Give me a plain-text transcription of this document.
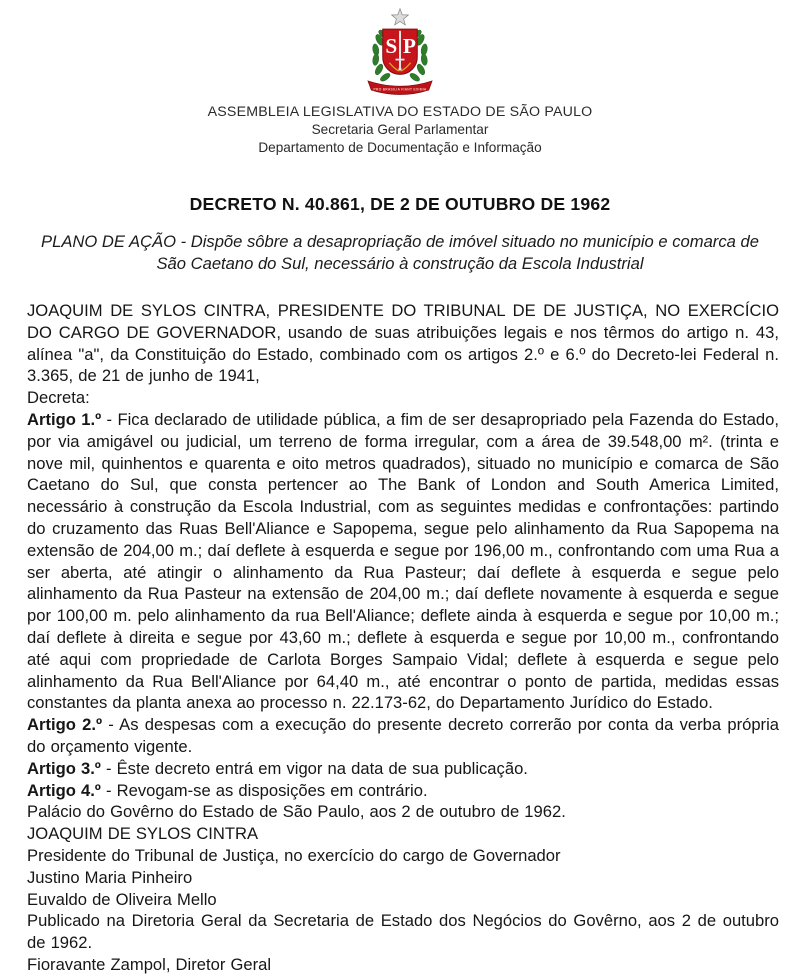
S P
PRO BRASILIA FIANT EXIMIA
ASSEMBLEIA LEGISLATIVA DO ESTADO DE SÃO PAULO
Secretaria Geral Parlamentar
Departamento de Documentação e Informação
DECRETO N. 40.861, DE 2 DE OUTUBRO DE 1962

PLANO DE AÇÃO - Dispõe sôbre a desapropriação de imóvel situado no município e comarca de São Caetano do Sul, necessário à construção da Escola Industrial

JOAQUIM DE SYLOS CINTRA, PRESIDENTE DO TRIBUNAL DE DE JUSTIÇA, NO EXERCÍCIO DO CARGO DE GOVERNADOR, usando de suas atribuições legais e nos têrmos do artigo n. 43, alínea "a", da Constituição do Estado, combinado com os artigos 2.º e 6.º do Decreto-lei Federal n. 3.365, de 21 de junho de 1941,

Decreta:

Artigo 1.º - Fica declarado de utilidade pública, a fim de ser desapropriado pela Fazenda do Estado, por via amigável ou judicial, um terreno de forma irregular, com a área de 39.548,00 m². (trinta e nove mil, quinhentos e quarenta e oito metros quadrados), situado no município e comarca de São Caetano do Sul, que consta pertencer ao The Bank of London and South America Limited, necessário à construção da Escola Industrial, com as seguintes medidas e confrontações: partindo do cruzamento das Ruas Bell'Aliance e Sapopema, segue pelo alinhamento da Rua Sapopema na extensão de 204,00 m.; daí deflete à esquerda e segue por 196,00 m., confrontando com uma Rua a ser aberta, até atingir o alinhamento da Rua Pasteur; daí deflete à esquerda e segue pelo alinhamento da Rua Pasteur na extensão de 204,00 m.; daí deflete novamente à esquerda e segue por 100,00 m. pelo alinhamento da rua Bell'Aliance; deflete ainda à esquerda e segue por 10,00 m.; daí deflete à direita e segue por 43,60 m.; deflete à esquerda e segue por 10,00 m., confrontando até aqui com propriedade de Carlota Borges Sampaio Vidal; deflete à esquerda e segue pelo alinhamento da Rua Bell'Aliance por 64,40 m., até encontrar o ponto de partida, medidas essas constantes da planta anexa ao processo n. 22.173-62, do Departamento Jurídico do Estado.

Artigo 2.º - As despesas com a execução do presente decreto correrão por conta da verba própria do orçamento vigente.

Artigo 3.º - Êste decreto entrá em vigor na data de sua publicação.

Artigo 4.º - Revogam-se as disposições em contrário.

Palácio do Govêrno do Estado de São Paulo, aos 2 de outubro de 1962.

JOAQUIM DE SYLOS CINTRA

Presidente do Tribunal de Justiça, no exercício do cargo de Governador

Justino Maria Pinheiro

Euvaldo de Oliveira Mello

Publicado na Diretoria Geral da Secretaria de Estado dos Negócios do Govêrno, aos 2 de outubro de 1962.

Fioravante Zampol, Diretor Geral
